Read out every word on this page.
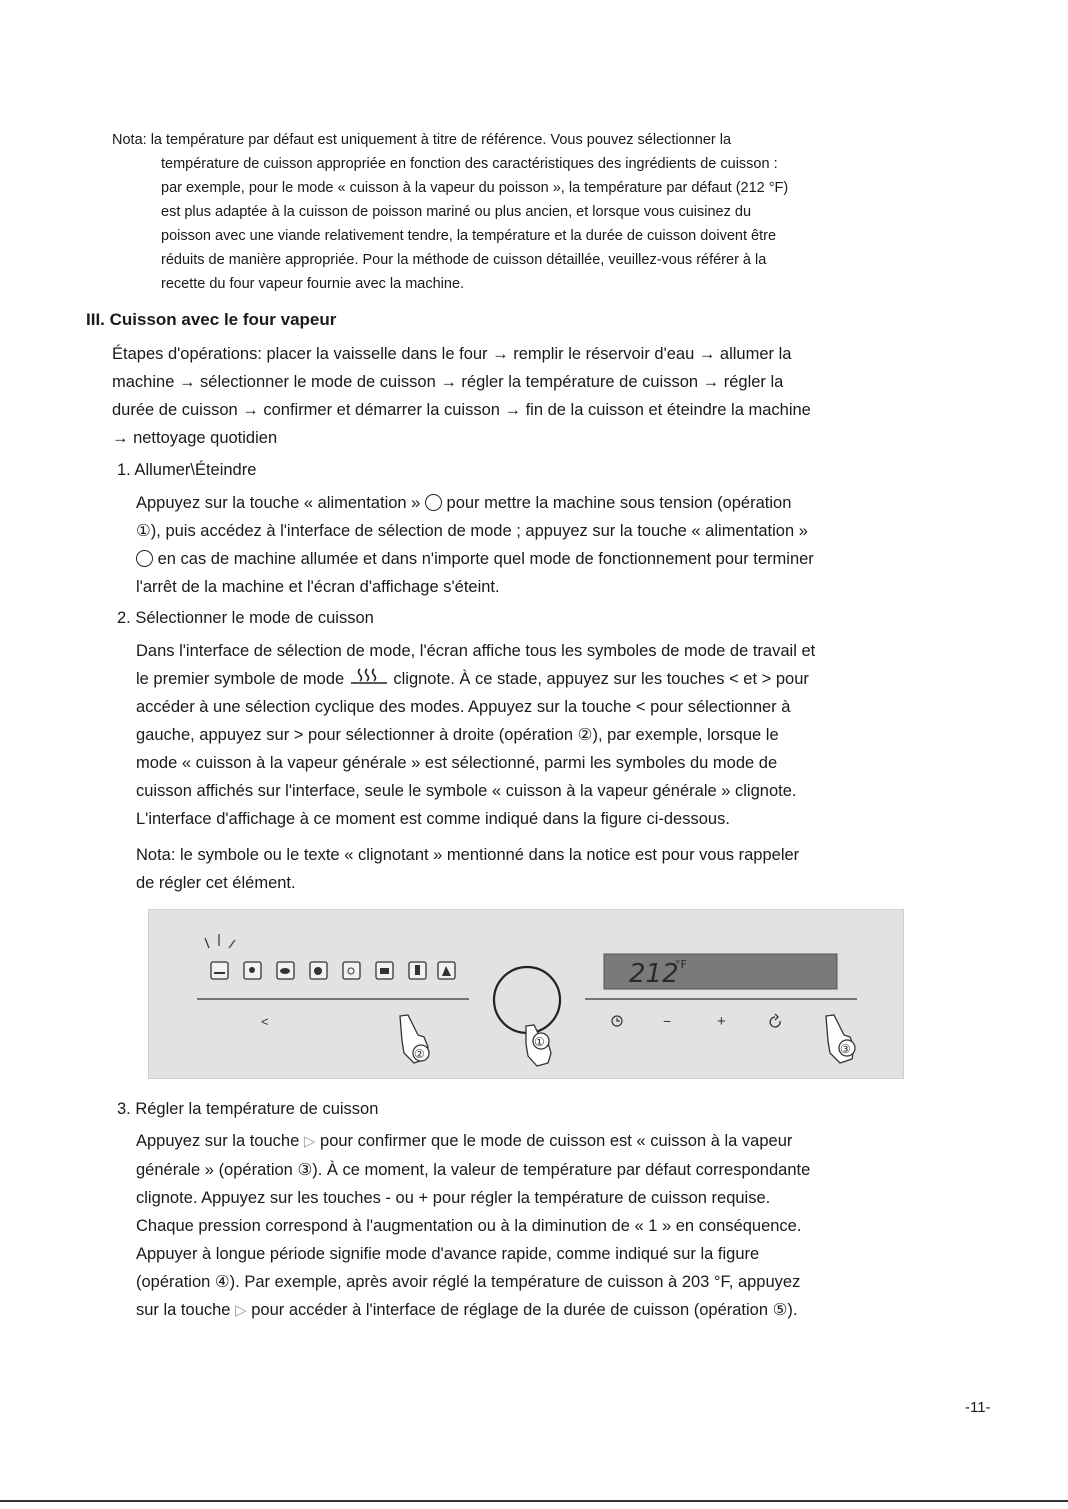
Nota: la température par défaut est uniquement à titre de référence. Vous pouvez sélectionner la
température de cuisson appropriée en fonction des caractéristiques des ingrédients de cuisson :
par exemple, pour le mode « cuisson à la vapeur du poisson », la température par défaut (212 °F)
est plus adaptée à la cuisson de poisson mariné ou plus ancien, et lorsque vous cuisinez du
poisson avec une viande relativement tendre, la température et la durée de cuisson doivent être
réduits de manière appropriée. Pour la méthode de cuisson détaillée, veuillez-vous référer à la
recette du four vapeur fournie avec la machine.
III. Cuisson avec le four vapeur
Étapes d'opérations: placer la vaisselle dans le four → remplir le réservoir d'eau → allumer la
machine → sélectionner le mode de cuisson → régler la température de cuisson → régler la
durée de cuisson → confirmer et démarrer la cuisson → fin de la cuisson et éteindre la machine
→ nettoyage quotidien
1. Allumer\Éteindre
Appuyez sur la touche « alimentation » pour mettre la machine sous tension (opération
①), puis accédez à l'interface de sélection de mode ; appuyez sur la touche « alimentation »
en cas de machine allumée et dans n'importe quel mode de fonctionnement pour terminer
l'arrêt de la machine et l'écran d'affichage s'éteint.
2. Sélectionner le mode de cuisson
Dans l'interface de sélection de mode, l'écran affiche tous les symboles de mode de travail et
le premier symbole de mode	clignote. À ce stade, appuyez sur les touches < et > pour
accéder à une sélection cyclique des modes. Appuyez sur la touche < pour sélectionner à
gauche, appuyez sur > pour sélectionner à droite (opération ②), par exemple, lorsque le
mode « cuisson à la vapeur générale » est sélectionné, parmi les symboles du mode de
cuisson affichés sur l'interface, seule le symbole « cuisson à la vapeur générale » clignote.
L'interface d'affichage à ce moment est comme indiqué dans la figure ci-dessous.
Nota: le symbole ou le texte « clignotant » mentionné dans la notice est pour vous rappeler
de régler cet élément.
<
②
①
212
°F
−	+
③
3. Régler la température de cuisson
Appuyez sur la touche ▷ pour confirmer que le mode de cuisson est « cuisson à la vapeur
générale » (opération ③). À ce moment, la valeur de température par défaut correspondante
clignote. Appuyez sur les touches - ou + pour régler la température de cuisson requise.
Chaque pression correspond à l'augmentation ou à la diminution de « 1 » en conséquence.
Appuyer à longue période signifie mode d'avance rapide, comme indiqué sur la figure
(opération ④). Par exemple, après avoir réglé la température de cuisson à 203 °F, appuyez
sur la touche ▷ pour accéder à l'interface de réglage de la durée de cuisson (opération ⑤).
-11-
